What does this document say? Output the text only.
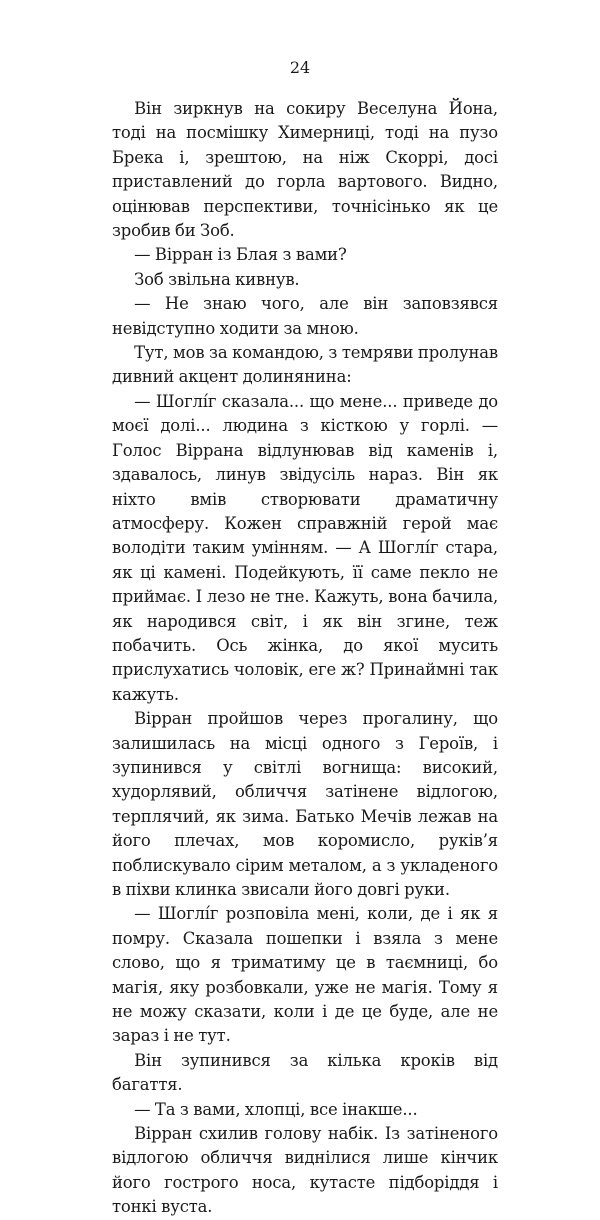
24

Він зиркнув на сокиру Веселуна Йона, тоді на посмішку Химерниці, тоді на пузо Брека і, зрештою, на ніж Скоррі, досі приставлений до горла вартового. Видно, оцінював перспективи, точнісінько як це зробив би Зоб.

— Вірран із Блая з вами?

Зоб звільна кивнув.

— Не знаю чого, але він заповзявся невідступно ходити за мною.

Тут, мов за командою, з темряви пролунав дивний акцент долинянина:

— Шоглі́г сказала... що мене... приведе до моєї долі... людина з кісткою у горлі. — Голос Віррана відлунював від каменів і, здавалось, линув звідусіль нараз. Він як ніхто вмів створювати драматичну атмосферу. Кожен справжній герой має володіти таким умінням. — А Шоглі́г стара, як ці камені. Подейкують, її саме пекло не приймає. І лезо не тне. Кажуть, вона бачила, як народився світ, і як він згине, теж побачить. Ось жінка, до якої мусить прислухатись чоловік, еге ж? Принаймні так кажуть.

Вірран пройшов через прогалину, що залишилась на місці одного з Героїв, і зупинився у світлі вогнища: високий, худорлявий, обличчя затінене відлогою, терплячий, як зима. Батько Мечів лежав на його плечах, мов коромисло, руків’я поблискувало сірим металом, а з укладеного в піхви клинка звисали його довгі руки.

— Шоглі́г розповіла мені, коли, де і як я помру. Сказала пошепки і взяла з мене слово, що я триматиму це в таємниці, бо магія, яку розбовкали, уже не магія. Тому я не можу сказати, коли і де це буде, але не зараз і не тут.

Він зупинився за кілька кроків від багаття.

— Та з вами, хлопці, все інакше...

Вірран схилив голову набік. Із затіненого відлогою обличчя виднілися лише кінчик його гострого носа, кутасте підборіддя і тонкі вуста.
